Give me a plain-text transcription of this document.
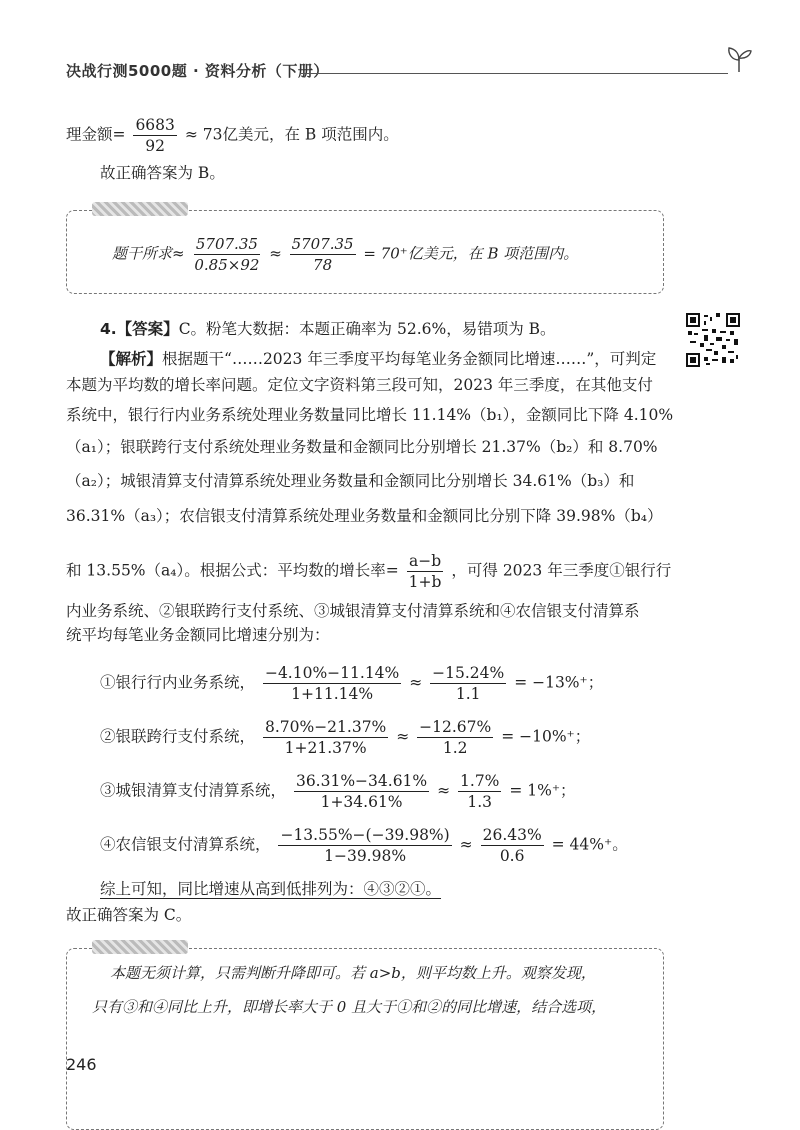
决战行测5000题 · 资料分析（下册）
理金额= $\frac{6683}{92} \approx 73$亿美元，在 B 项范围内。
故正确答案为 B。
题干所求≈ $\frac{5707.35}{0.85\times 92} \approx \frac{5707.35}{78} = 70^+$亿美元，在 B 项范围内。
4.【答案】C。粉笔大数据：本题正确率为 52.6%，易错项为 B。
【解析】根据题干“……2023 年三季度平均每笔业务金额同比增速……”，可判定
本题为平均数的增长率问题。定位文字资料第三段可知，2023 年三季度，在其他支付
系统中，银行行内业务系统处理业务数量同比增长 11.14%（b₁），金额同比下降 4.10%
（a₁）；银联跨行支付系统处理业务数量和金额同比分别增长 21.37%（b₂）和 8.70%
（a₂）；城银清算支付清算系统处理业务数量和金额同比分别增长 34.61%（b₃）和
36.31%（a₃）；农信银支付清算系统处理业务数量和金额同比分别下降 39.98%（b₄）
和 13.55%（a₄）。根据公式：平均数的增长率= $\frac{a-b}{1+b}$ ，可得 2023 年三季度①银行行
内业务系统、②银联跨行支付系统、③城银清算支付清算系统和④农信银支付清算系
统平均每笔业务金额同比增速分别为：
①银行行内业务系统， $\frac{-4.10\%-11.14\%}{1+11.14\%} \approx \frac{-15.24\%}{1.1} = -13\%^+$；
②银联跨行支付系统， $\frac{8.70\%-21.37\%}{1+21.37\%} \approx \frac{-12.67\%}{1.2} = -10\%^+$；
③城银清算支付清算系统， $\frac{36.31\%-34.61\%}{1+34.61\%} \approx \frac{1.7\%}{1.3} = 1\%^+$；
④农信银支付清算系统， $\frac{-13.55\%-(-39.98\%)}{1-39.98\%} \approx \frac{26.43\%}{0.6} = 44\%^+$。
综上可知，同比增速从高到低排列为：④③②①。
故正确答案为 C。
本题无须计算，只需判断升降即可。若 a>b，则平均数上升。观察发现，
只有③和④同比上升，即增长率大于 0 且大于①和②的同比增速，结合选项，
246
